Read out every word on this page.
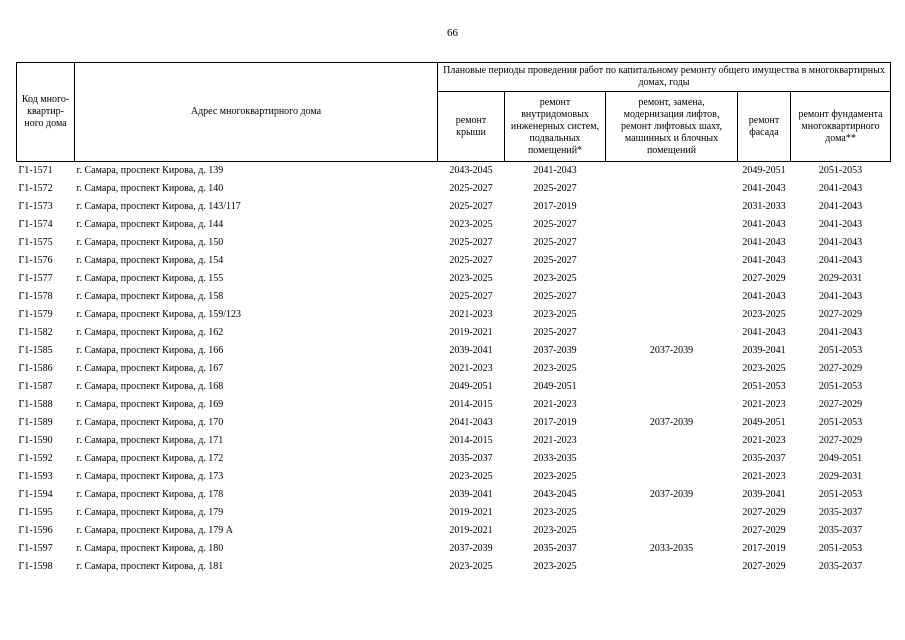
66
Код много-квартир-ного дома	Адрес многоквартирного дома	Плановые периоды проведения работ по капитальному ремонту общего имущества в многоквартирных домах, годы				
		ремонт крыши	ремонт внутридомовых инженерных систем, подвальных помещений*	ремонт, замена, модернизация лифтов, ремонт лифтовых шахт, машинных и блочных помещений	ремонт фасада	ремонт фундамента многоквартирного дома**
Г1-1571	г. Самара, проспект Кирова, д. 139	2043-2045	2041-2043		2049-2051	2051-2053
Г1-1572	г. Самара, проспект Кирова, д. 140	2025-2027	2025-2027		2041-2043	2041-2043
Г1-1573	г. Самара, проспект Кирова, д. 143/117	2025-2027	2017-2019		2031-2033	2041-2043
Г1-1574	г. Самара, проспект Кирова, д. 144	2023-2025	2025-2027		2041-2043	2041-2043
Г1-1575	г. Самара, проспект Кирова, д. 150	2025-2027	2025-2027		2041-2043	2041-2043
Г1-1576	г. Самара, проспект Кирова, д. 154	2025-2027	2025-2027		2041-2043	2041-2043
Г1-1577	г. Самара, проспект Кирова, д. 155	2023-2025	2023-2025		2027-2029	2029-2031
Г1-1578	г. Самара, проспект Кирова, д. 158	2025-2027	2025-2027		2041-2043	2041-2043
Г1-1579	г. Самара, проспект Кирова, д. 159/123	2021-2023	2023-2025		2023-2025	2027-2029
Г1-1582	г. Самара, проспект Кирова, д. 162	2019-2021	2025-2027		2041-2043	2041-2043
Г1-1585	г. Самара, проспект Кирова, д. 166	2039-2041	2037-2039	2037-2039	2039-2041	2051-2053
Г1-1586	г. Самара, проспект Кирова, д. 167	2021-2023	2023-2025		2023-2025	2027-2029
Г1-1587	г. Самара, проспект Кирова, д. 168	2049-2051	2049-2051		2051-2053	2051-2053
Г1-1588	г. Самара, проспект Кирова, д. 169	2014-2015	2021-2023		2021-2023	2027-2029
Г1-1589	г. Самара, проспект Кирова, д. 170	2041-2043	2017-2019	2037-2039	2049-2051	2051-2053
Г1-1590	г. Самара, проспект Кирова, д. 171	2014-2015	2021-2023		2021-2023	2027-2029
Г1-1592	г. Самара, проспект Кирова, д. 172	2035-2037	2033-2035		2035-2037	2049-2051
Г1-1593	г. Самара, проспект Кирова, д. 173	2023-2025	2023-2025		2021-2023	2029-2031
Г1-1594	г. Самара, проспект Кирова, д. 178	2039-2041	2043-2045	2037-2039	2039-2041	2051-2053
Г1-1595	г. Самара, проспект Кирова, д. 179	2019-2021	2023-2025		2027-2029	2035-2037
Г1-1596	г. Самара, проспект Кирова, д. 179 А	2019-2021	2023-2025		2027-2029	2035-2037
Г1-1597	г. Самара, проспект Кирова, д. 180	2037-2039	2035-2037	2033-2035	2017-2019	2051-2053
Г1-1598	г. Самара, проспект Кирова, д. 181	2023-2025	2023-2025		2027-2029	2035-2037
